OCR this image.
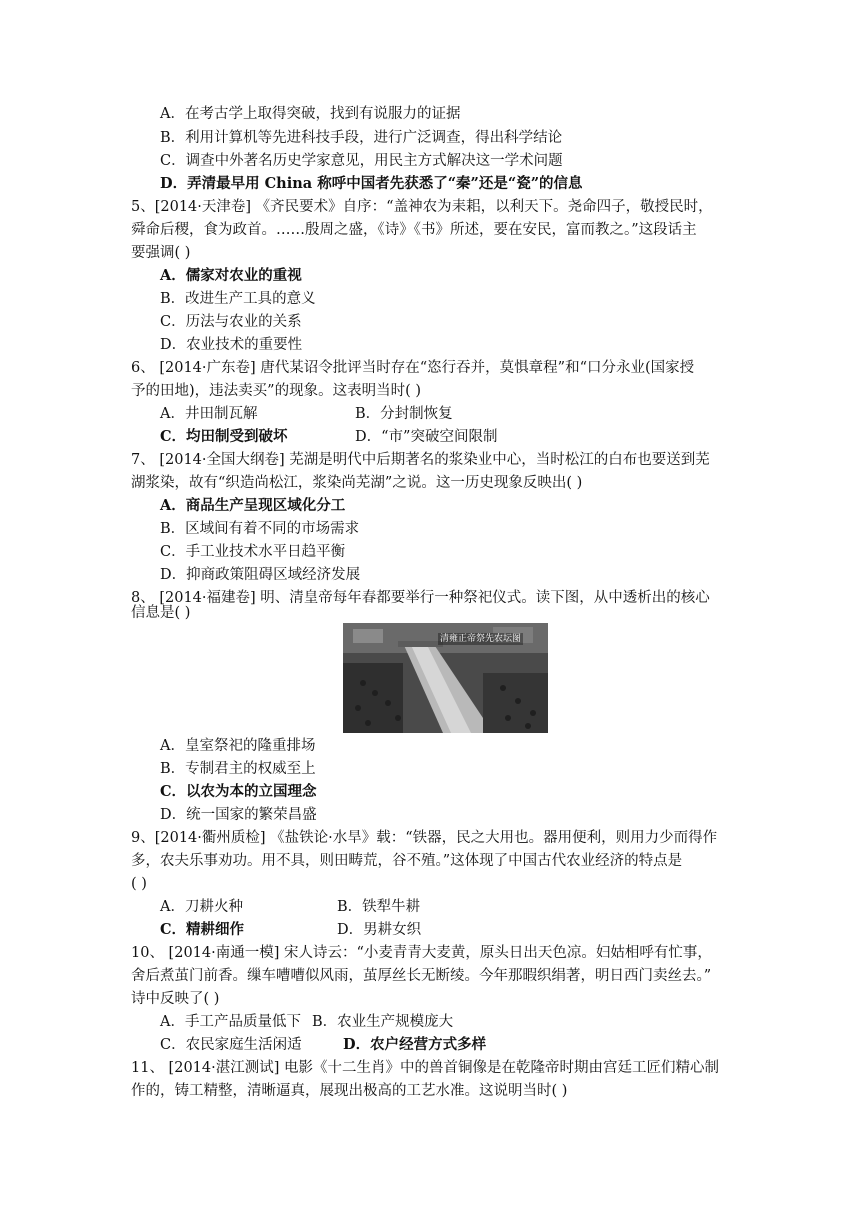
A．在考古学上取得突破，找到有说服力的证据
B．利用计算机等先进科技手段，进行广泛调查，得出科学结论
C．调查中外著名历史学家意见，用民主方式解决这一学术问题
D．弄清最早用 China 称呼中国者先获悉了“秦”还是“瓷”的信息
5、[2014·天津卷] 《齐民要术》自序：“盖神农为耒耜，以利天下。尧命四子，敬授民时，
舜命后稷，食为政首。……殷周之盛，《诗》《书》所述，要在安民，富而教之。”这段话主
要强调( )
A．儒家对农业的重视
B．改进生产工具的意义
C．历法与农业的关系
D．农业技术的重要性
6、 [2014·广东卷] 唐代某诏令批评当时存在“恣行吞并，莫惧章程”和“口分永业(国家授
予的田地)，违法卖买”的现象。这表明当时( )
A．井田制瓦解	B．分封制恢复
C．均田制受到破坏	D．“市”突破空间限制
7、 [2014·全国大纲卷] 芜湖是明代中后期著名的浆染业中心，当时松江的白布也要送到芜
湖浆染，故有“织造尚松江，浆染尚芜湖”之说。这一历史现象反映出( )
A．商品生产呈现区域化分工
B．区域间有着不同的市场需求
C．手工业技术水平日趋平衡
D．抑商政策阻碍区域经济发展
8、 [2014·福建卷] 明、清皇帝每年春都要举行一种祭祀仪式。读下图，从中透析出的核心
信息是( )
清雍正帝祭先农坛图
A．皇室祭祀的隆重排场
B．专制君主的权威至上
C．以农为本的立国理念
D．统一国家的繁荣昌盛
9、[2014·衢州质检] 《盐铁论·水旱》载：“铁器，民之大用也。器用便利，则用力少而得作
多，农夫乐事劝功。用不具，则田畴荒，谷不殖。”这体现了中国古代农业经济的特点是
( )
A．刀耕火种	B．铁犁牛耕
C．精耕细作	D．男耕女织
10、 [2014·南通一模] 宋人诗云：“小麦青青大麦黄，原头日出天色凉。妇姑相呼有忙事，
舍后煮茧门前香。缫车嘈嘈似风雨，茧厚丝长无断绫。今年那暇织绢著，明日西门卖丝去。”
诗中反映了( )
A．手工产品质量低下 B．农业生产规模庞大
C．农民家庭生活闲适	D．农户经营方式多样
11、 [2014·湛江测试] 电影《十二生肖》中的兽首铜像是在乾隆帝时期由宫廷工匠们精心制
作的，铸工精整，清晰逼真，展现出极高的工艺水准。这说明当时( )
